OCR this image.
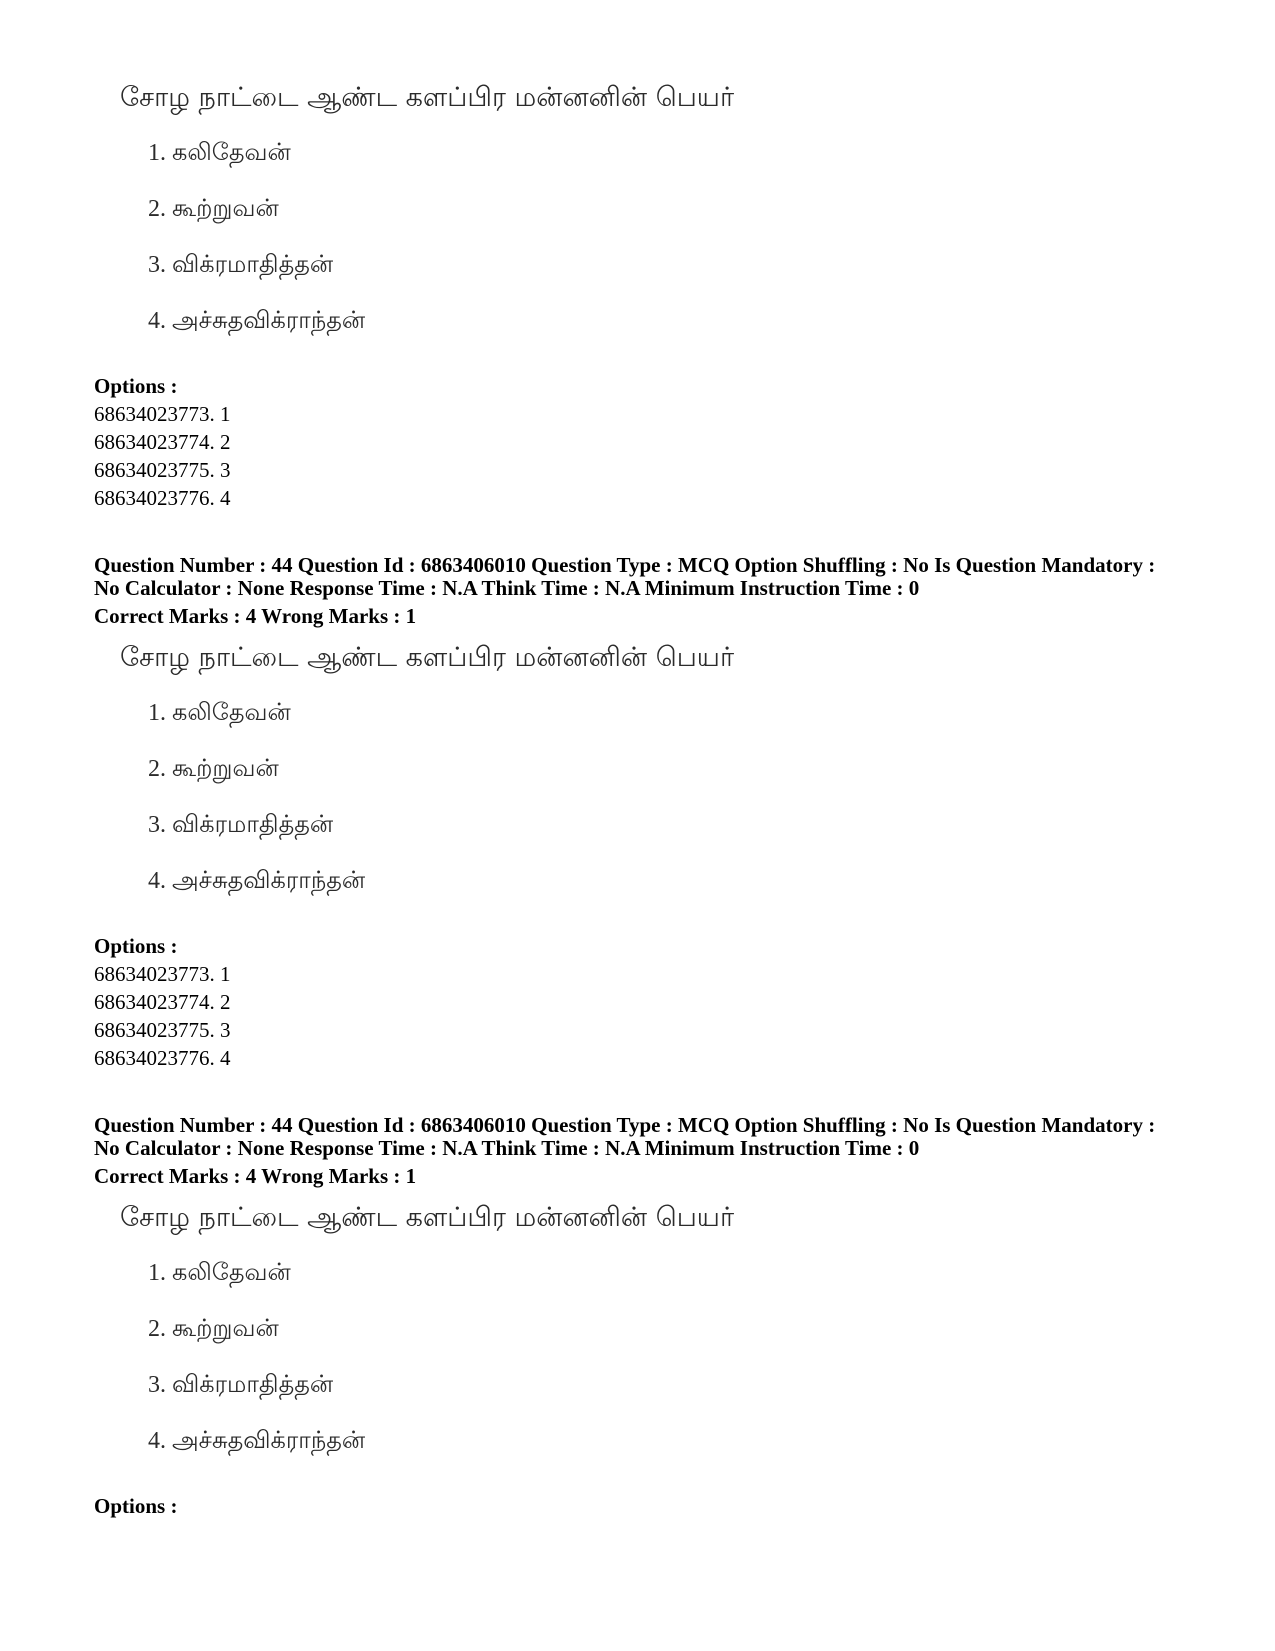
சோழ நாட்டை ஆண்ட களப்பிர மன்னனின் பெயர்
1. கலிதேவன்
2. கூற்றுவன்
3. விக்ரமாதித்தன்
4. அச்சுதவிக்ராந்தன்
Options :
68634023773. 1
68634023774. 2
68634023775. 3
68634023776. 4
Question Number : 44 Question Id : 6863406010 Question Type : MCQ Option Shuffling : No Is Question Mandatory :
No Calculator : None Response Time : N.A Think Time : N.A Minimum Instruction Time : 0
Correct Marks : 4 Wrong Marks : 1
சோழ நாட்டை ஆண்ட களப்பிர மன்னனின் பெயர்
1. கலிதேவன்
2. கூற்றுவன்
3. விக்ரமாதித்தன்
4. அச்சுதவிக்ராந்தன்
Options :
68634023773. 1
68634023774. 2
68634023775. 3
68634023776. 4
Question Number : 44 Question Id : 6863406010 Question Type : MCQ Option Shuffling : No Is Question Mandatory :
No Calculator : None Response Time : N.A Think Time : N.A Minimum Instruction Time : 0
Correct Marks : 4 Wrong Marks : 1
சோழ நாட்டை ஆண்ட களப்பிர மன்னனின் பெயர்
1. கலிதேவன்
2. கூற்றுவன்
3. விக்ரமாதித்தன்
4. அச்சுதவிக்ராந்தன்
Options :
